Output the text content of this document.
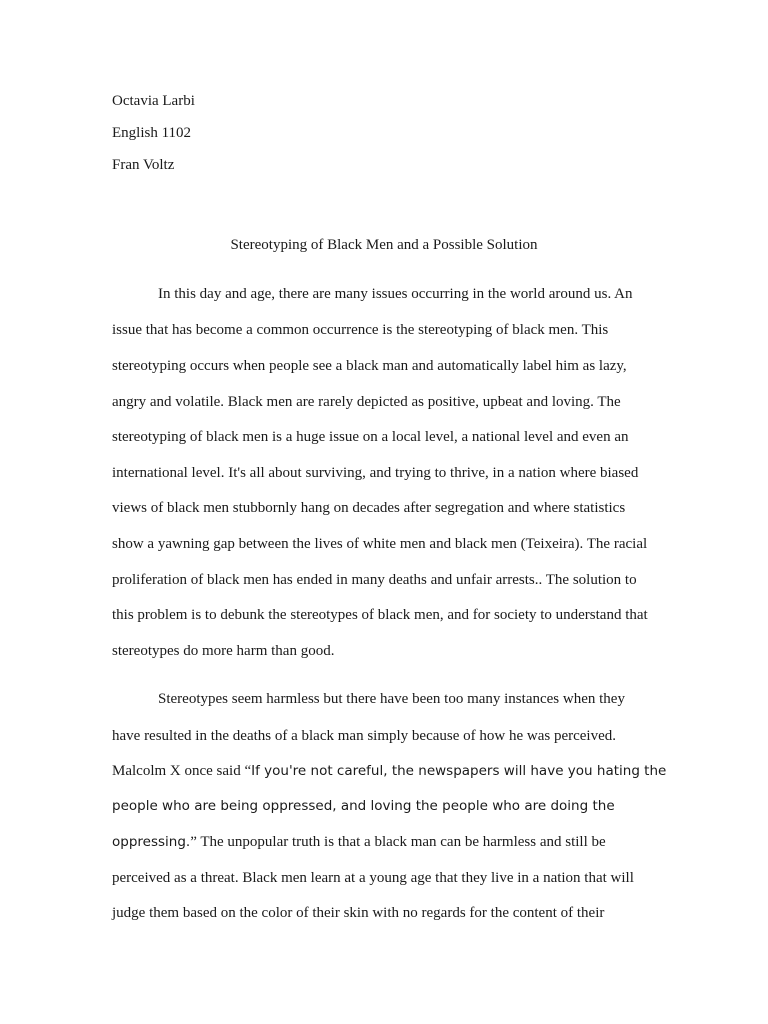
Octavia Larbi
English 1102
Fran Voltz
Stereotyping of Black Men and a Possible Solution
In this day and age, there are many issues occurring in the world around us. An
issue that has become a common occurrence is the stereotyping of black men. This
stereotyping occurs when people see a black man and automatically label him as lazy,
angry and volatile. Black men are rarely depicted as positive, upbeat and loving. The
stereotyping of black men is a huge issue on a local level, a national level and even an
international level. It's all about surviving, and trying to thrive, in a nation where biased
views of black men stubbornly hang on decades after segregation and where statistics
show a yawning gap between the lives of white men and black men (Teixeira). The racial
proliferation of black men has ended in many deaths and unfair arrests.. The solution to
this problem is to debunk the stereotypes of black men, and for society to understand that
stereotypes do more harm than good.
Stereotypes seem harmless but there have been too many instances when they
have resulted in the deaths of a black man simply because of how he was perceived.
Malcolm X once said “If you're not careful, the newspapers will have you hating the
people who are being oppressed, and loving the people who are doing the
oppressing.” The unpopular truth is that a black man can be harmless and still be
perceived as a threat. Black men learn at a young age that they live in a nation that will
judge them based on the color of their skin with no regards for the content of their
